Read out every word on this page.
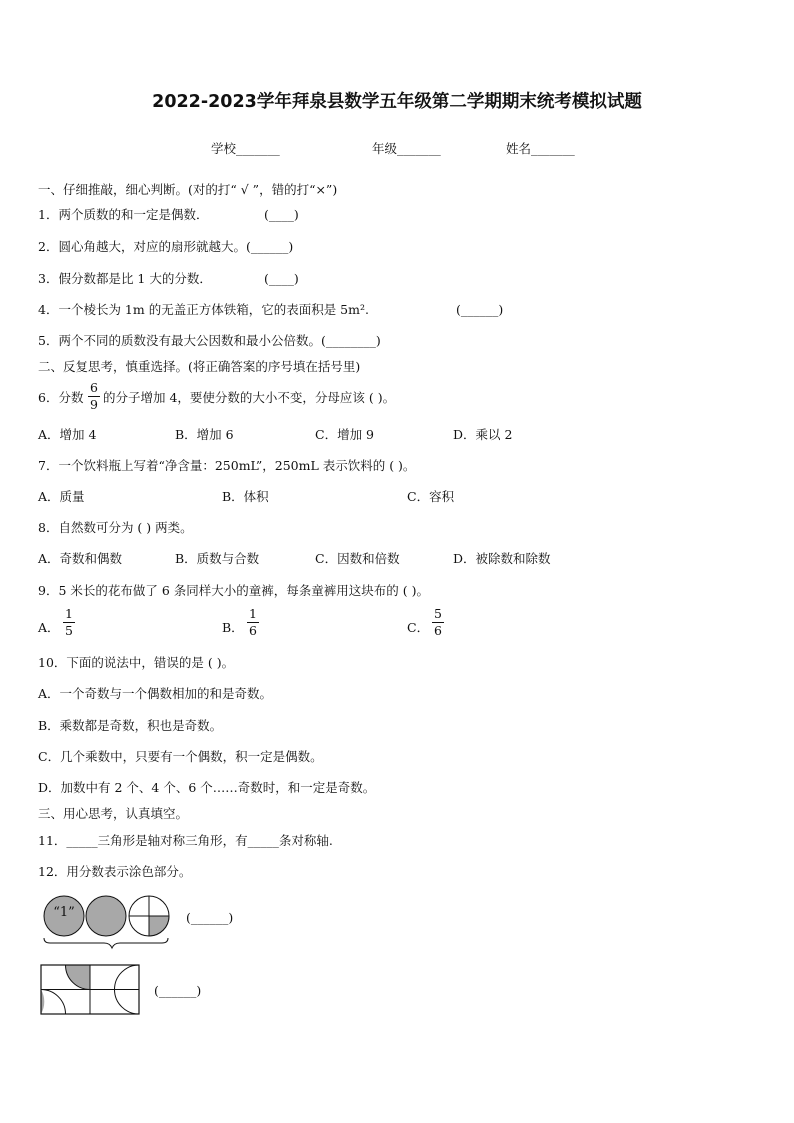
2022-2023学年拜泉县数学五年级第二学期期末统考模拟试题
学校_______	年级_______	姓名_______
一、仔细推敲，细心判断。(对的打“ √ ”，错的打“×”)
1．两个质数的和一定是偶数．	(____)
2．圆心角越大，对应的扇形就越大。(______)
3．假分数都是比 1 大的分数．	(____)
4．一个棱长为 1m 的无盖正方体铁箱，它的表面积是 5m².	(______)
5．两个不同的质数没有最大公因数和最小公倍数。(________)
二、反复思考，慎重选择。(将正确答案的序号填在括号里)
6．分数
6
9 的分子增加 4，要使分数的大小不变，分母应该 ( )。
A．增加 4	B．增加 6	C．增加 9	D．乘以 2
7．一个饮料瓶上写着“净含量：250mL”，250mL 表示饮料的 ( )。
A．质量	B．体积	C．容积
8．自然数可分为 ( ) 两类。
A．奇数和偶数	B．质数与合数	C．因数和倍数	D．被除数和除数
9．5 米长的花布做了 6 条同样大小的童裤，每条童裤用这块布的 ( )。
A．
1
5	B．
1
6	C．
5
6
10．下面的说法中，错误的是 ( )。
A．一个奇数与一个偶数相加的和是奇数。
B．乘数都是奇数，积也是奇数。
C．几个乘数中，只要有一个偶数，积一定是偶数。
D．加数中有 2 个、4 个、6 个……奇数时，和一定是奇数。
三、用心思考，认真填空。
11．_____三角形是轴对称三角形，有_____条对称轴.
12．用分数表示涂色部分。
“1”	(______)
(______)
